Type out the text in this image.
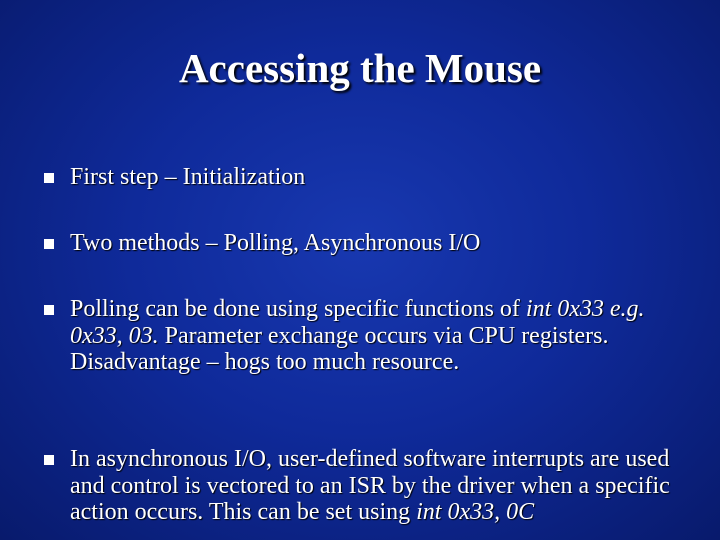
Accessing the Mouse
First step – Initialization
Two methods – Polling, Asynchronous I/O
Polling can be done using specific functions of int 0x33 e.g. 0x33, 03. Parameter exchange occurs via CPU registers. Disadvantage – hogs too much resource.
In asynchronous I/O, user-defined software interrupts are used and control is vectored to an ISR by the driver when a specific action occurs. This can be set using int 0x33, 0C
